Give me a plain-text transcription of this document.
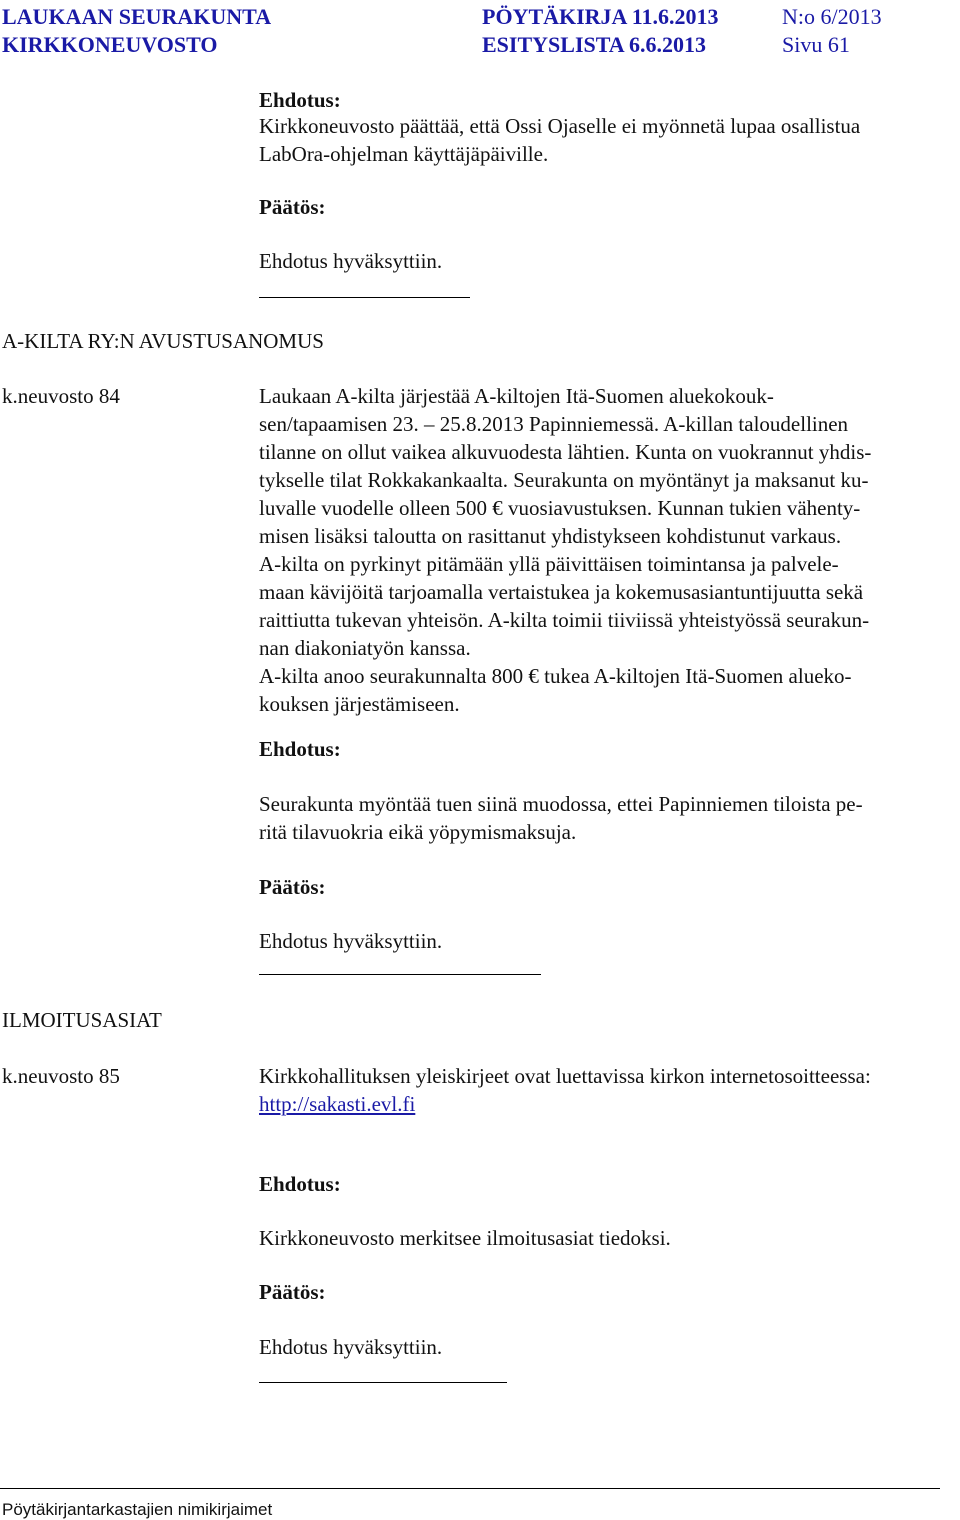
LAUKAAN SEURAKUNTA
KIRKKONEUVOSTO
PÖYTÄKIRJA 11.6.2013
ESITYSLISTA 6.6.2013
N:o 6/2013
Sivu 61
Ehdotus:
Kirkkoneuvosto päättää, että Ossi Ojaselle ei myönnetä lupaa osallistua
LabOra-ohjelman käyttäjäpäiville.
Päätös:
Ehdotus hyväksyttiin.
A-KILTA RY:N AVUSTUSANOMUS
k.neuvosto 84	Laukaan A-kilta järjestää A-kiltojen Itä-Suomen aluekokouk-
sen/tapaamisen 23. – 25.8.2013 Papinniemessä. A-killan taloudellinen
tilanne on ollut vaikea alkuvuodesta lähtien. Kunta on vuokrannut yhdis-
tykselle tilat Rokkakankaalta. Seurakunta on myöntänyt ja maksanut ku-
luvalle vuodelle olleen 500 € vuosiavustuksen. Kunnan tukien vähenty-
misen lisäksi taloutta on rasittanut yhdistykseen kohdistunut varkaus.
A-kilta on pyrkinyt pitämään yllä päivittäisen toimintansa ja palvele-
maan kävijöitä tarjoamalla vertaistukea ja kokemusasiantuntijuutta sekä
raittiutta tukevan yhteisön. A-kilta toimii tiiviissä yhteistyössä seurakun-
nan diakoniatyön kanssa.
A-kilta anoo seurakunnalta 800 € tukea A-kiltojen Itä-Suomen alueko-
kouksen järjestämiseen.
Ehdotus:
Seurakunta myöntää tuen siinä muodossa, ettei Papinniemen tiloista pe-
ritä tilavuokria eikä yöpymismaksuja.
Päätös:
Ehdotus hyväksyttiin.
ILMOITUSASIAT
k.neuvosto 85	Kirkkohallituksen yleiskirjeet ovat luettavissa kirkon internetosoitteessa:
http://sakasti.evl.fi
Ehdotus:
Kirkkoneuvosto merkitsee ilmoitusasiat tiedoksi.
Päätös:
Ehdotus hyväksyttiin.
Pöytäkirjantarkastajien nimikirjaimet
